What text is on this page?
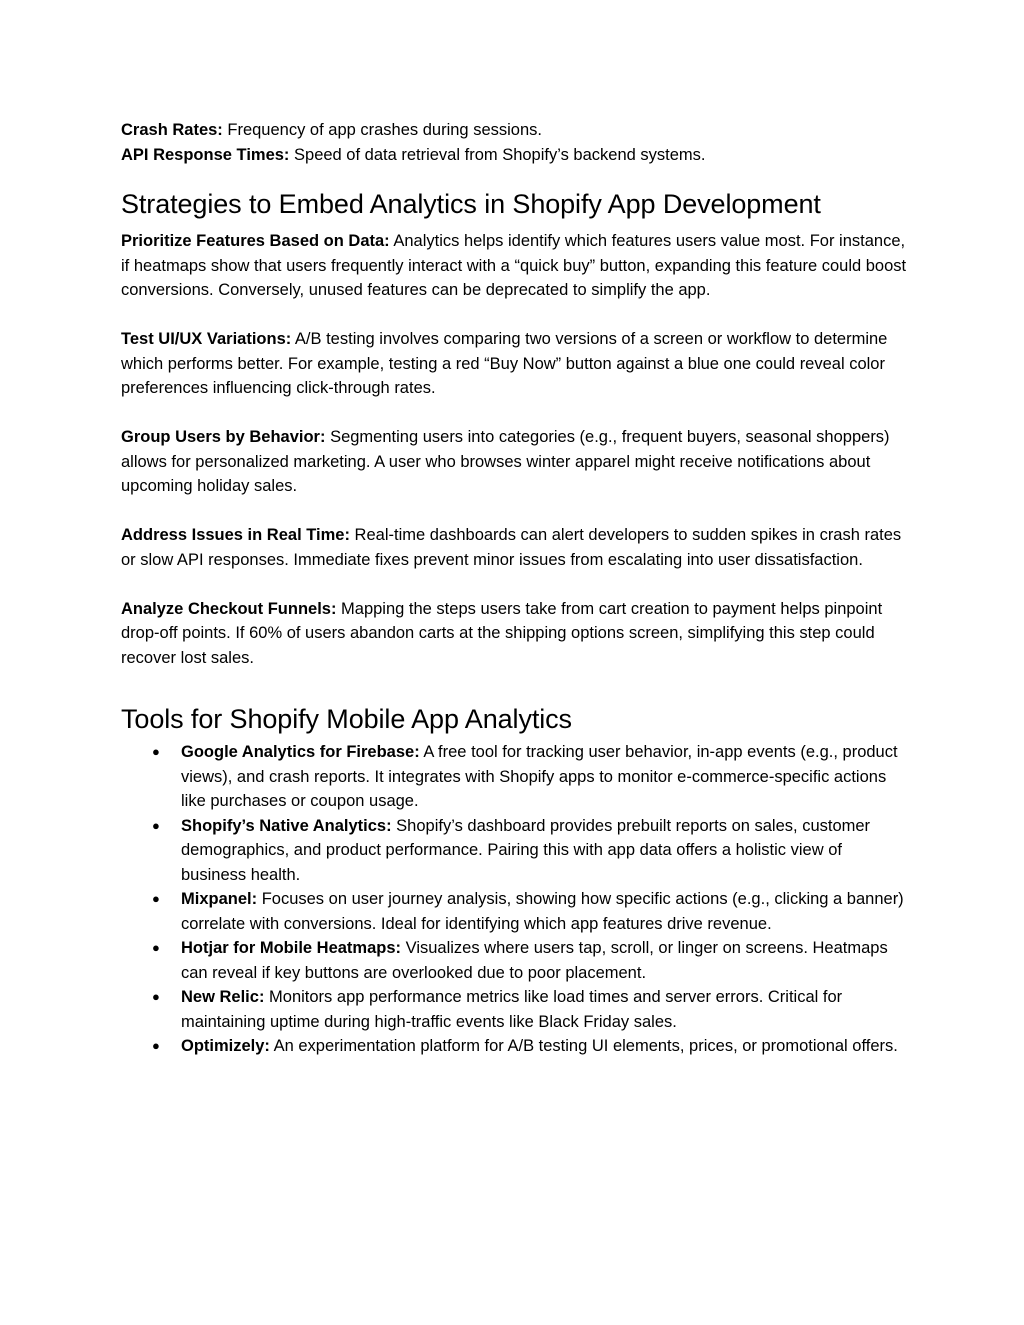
Crash Rates: Frequency of app crashes during sessions.

API Response Times: Speed of data retrieval from Shopify’s backend systems.

Strategies to Embed Analytics in Shopify App Development

Prioritize Features Based on Data: Analytics helps identify which features users value most. For instance, if heatmaps show that users frequently interact with a “quick buy” button, expanding this feature could boost conversions. Conversely, unused features can be deprecated to simplify the app.

Test UI/UX Variations: A/B testing involves comparing two versions of a screen or workflow to determine which performs better. For example, testing a red “Buy Now” button against a blue one could reveal color preferences influencing click-through rates.

Group Users by Behavior: Segmenting users into categories (e.g., frequent buyers, seasonal shoppers) allows for personalized marketing. A user who browses winter apparel might receive notifications about upcoming holiday sales.

Address Issues in Real Time: Real-time dashboards can alert developers to sudden spikes in crash rates or slow API responses. Immediate fixes prevent minor issues from escalating into user dissatisfaction.

Analyze Checkout Funnels: Mapping the steps users take from cart creation to payment helps pinpoint drop-off points. If 60% of users abandon carts at the shipping options screen, simplifying this step could recover lost sales.

Tools for Shopify Mobile App Analytics
● Google Analytics for Firebase: A free tool for tracking user behavior, in-app events (e.g., product views), and crash reports. It integrates with Shopify apps to monitor e-commerce-specific actions like purchases or coupon usage.
● Shopify’s Native Analytics: Shopify’s dashboard provides prebuilt reports on sales, customer demographics, and product performance. Pairing this with app data offers a holistic view of business health.
● Mixpanel: Focuses on user journey analysis, showing how specific actions (e.g., clicking a banner) correlate with conversions. Ideal for identifying which app features drive revenue.
● Hotjar for Mobile Heatmaps: Visualizes where users tap, scroll, or linger on screens. Heatmaps can reveal if key buttons are overlooked due to poor placement.
● New Relic: Monitors app performance metrics like load times and server errors. Critical for maintaining uptime during high-traffic events like Black Friday sales.
● Optimizely: An experimentation platform for A/B testing UI elements, prices, or promotional offers.
